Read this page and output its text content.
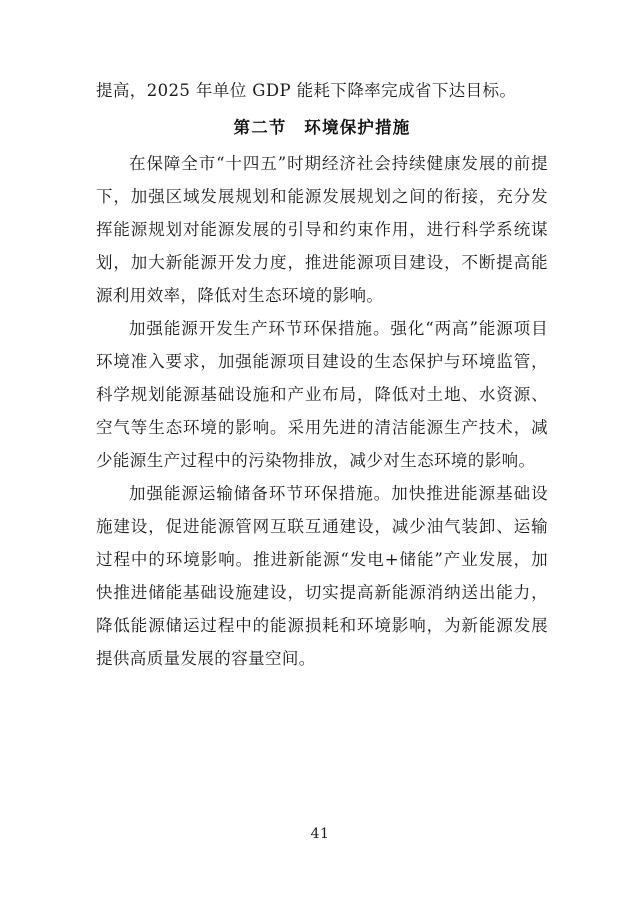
提高，2025 年单位 GDP 能耗下降率完成省下达目标。
第二节　环境保护措施
在保障全市“十四五”时期经济社会持续健康发展的前提下，加强区域发展规划和能源发展规划之间的衔接，充分发挥能源规划对能源发展的引导和约束作用，进行科学系统谋划，加大新能源开发力度，推进能源项目建设，不断提高能源利用效率，降低对生态环境的影响。
加强能源开发生产环节环保措施。强化“两高”能源项目环境准入要求，加强能源项目建设的生态保护与环境监管，科学规划能源基础设施和产业布局，降低对土地、水资源、空气等生态环境的影响。采用先进的清洁能源生产技术，减少能源生产过程中的污染物排放，减少对生态环境的影响。
加强能源运输储备环节环保措施。加快推进能源基础设施建设，促进能源管网互联互通建设，减少油气装卸、运输过程中的环境影响。推进新能源“发电+储能”产业发展，加快推进储能基础设施建设，切实提高新能源消纳送出能力，降低能源储运过程中的能源损耗和环境影响，为新能源发展提供高质量发展的容量空间。
41
